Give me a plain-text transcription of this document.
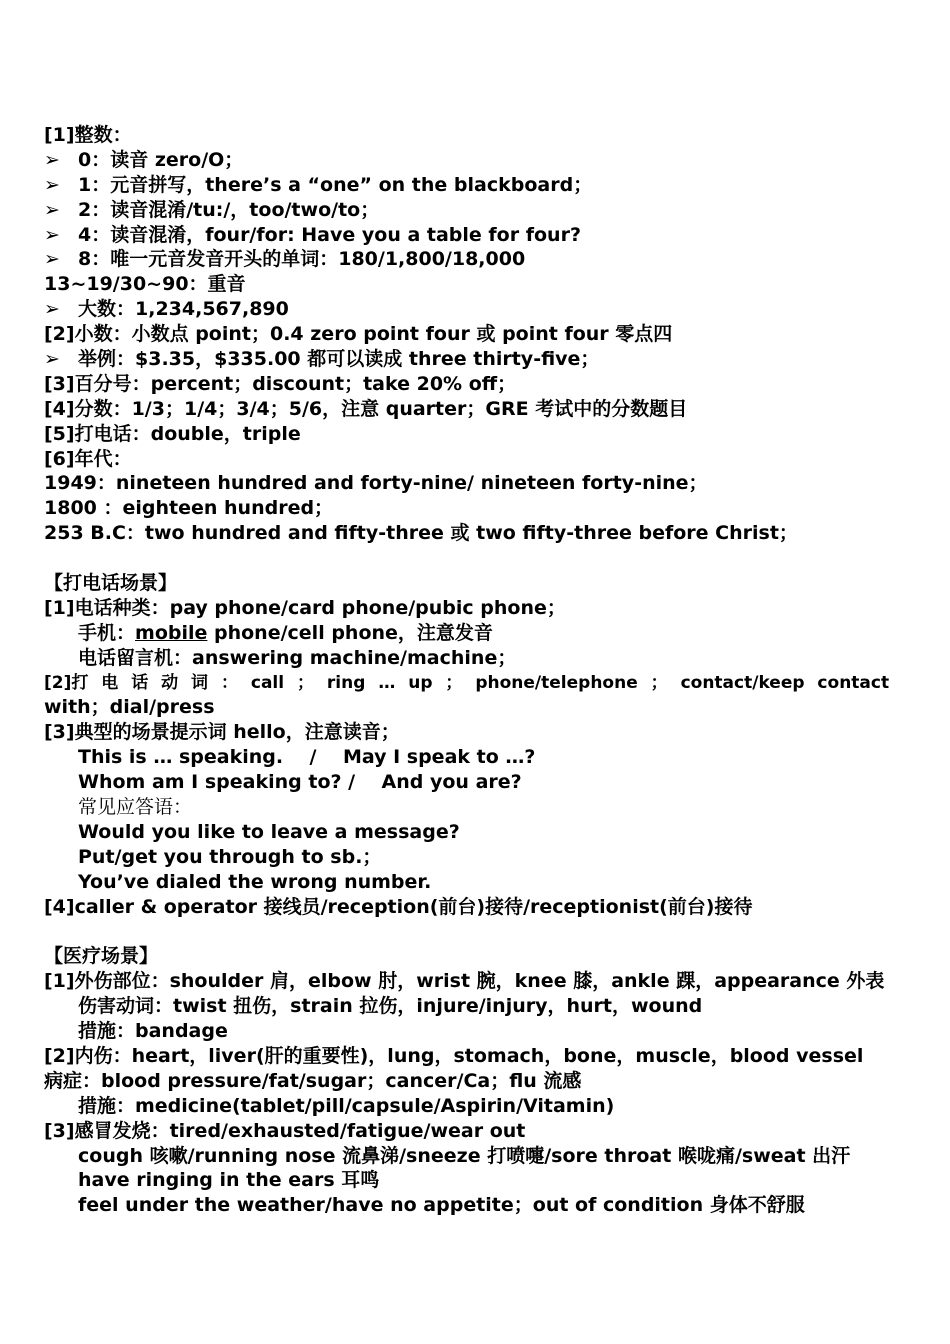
[1]整数：
➢ 0：读音 zero/O；
➢ 1：元音拼写，there’s a “one” on the blackboard；
➢ 2：读音混淆/tu:/，too/two/to；
➢ 4：读音混淆，four/for: Have you a table for four?
➢ 8：唯一元音发音开头的单词：180/1,800/18,000
13~19/30~90：重音
➢ 大数：1,234,567,890
[2]小数：小数点 point；0.4 zero point four 或 point four 零点四
➢ 举例：$3.35，$335.00 都可以读成 three thirty-five；
[3]百分号：percent；discount；take 20% off；
[4]分数：1/3；1/4；3/4；5/6，注意 quarter；GRE 考试中的分数题目
[5]打电话：double，triple
[6]年代：
1949：nineteen hundred and forty-nine/ nineteen forty-nine；
1800 ：eighteen hundred；
253 B.C：two hundred and fifty-three 或 two fifty-three before Christ；
【打电话场景】
[1]电话种类：pay phone/card phone/pubic phone；
手机：mobile phone/cell phone，注意发音
电话留言机：answering machine/machine；
[2]打 电 话 动 词 ： call ； ring … up ； phone/telephone ； contact/keep contact
with；dial/press
[3]典型的场景提示词 hello，注意读音；
This is … speaking.    /    May I speak to …?
Whom am I speaking to? /    And you are?
常见应答语：
Would you like to leave a message?
Put/get you through to sb.；
You’ve dialed the wrong number.
[4]caller & operator 接线员/reception(前台)接待/receptionist(前台)接待
【医疗场景】
[1]外伤部位：shoulder 肩，elbow 肘，wrist 腕，knee 膝，ankle 踝，appearance 外表
伤害动词：twist 扭伤，strain 拉伤，injure/injury，hurt，wound
措施：bandage
[2]内伤：heart，liver(肝的重要性)，lung，stomach，bone，muscle，blood vessel
病症：blood pressure/fat/sugar；cancer/Ca；flu 流感
措施：medicine(tablet/pill/capsule/Aspirin/Vitamin)
[3]感冒发烧：tired/exhausted/fatigue/wear out
cough 咳嗽/running nose 流鼻涕/sneeze 打喷嚏/sore throat 喉咙痛/sweat 出汗
have ringing in the ears 耳鸣
feel under the weather/have no appetite；out of condition 身体不舒服
